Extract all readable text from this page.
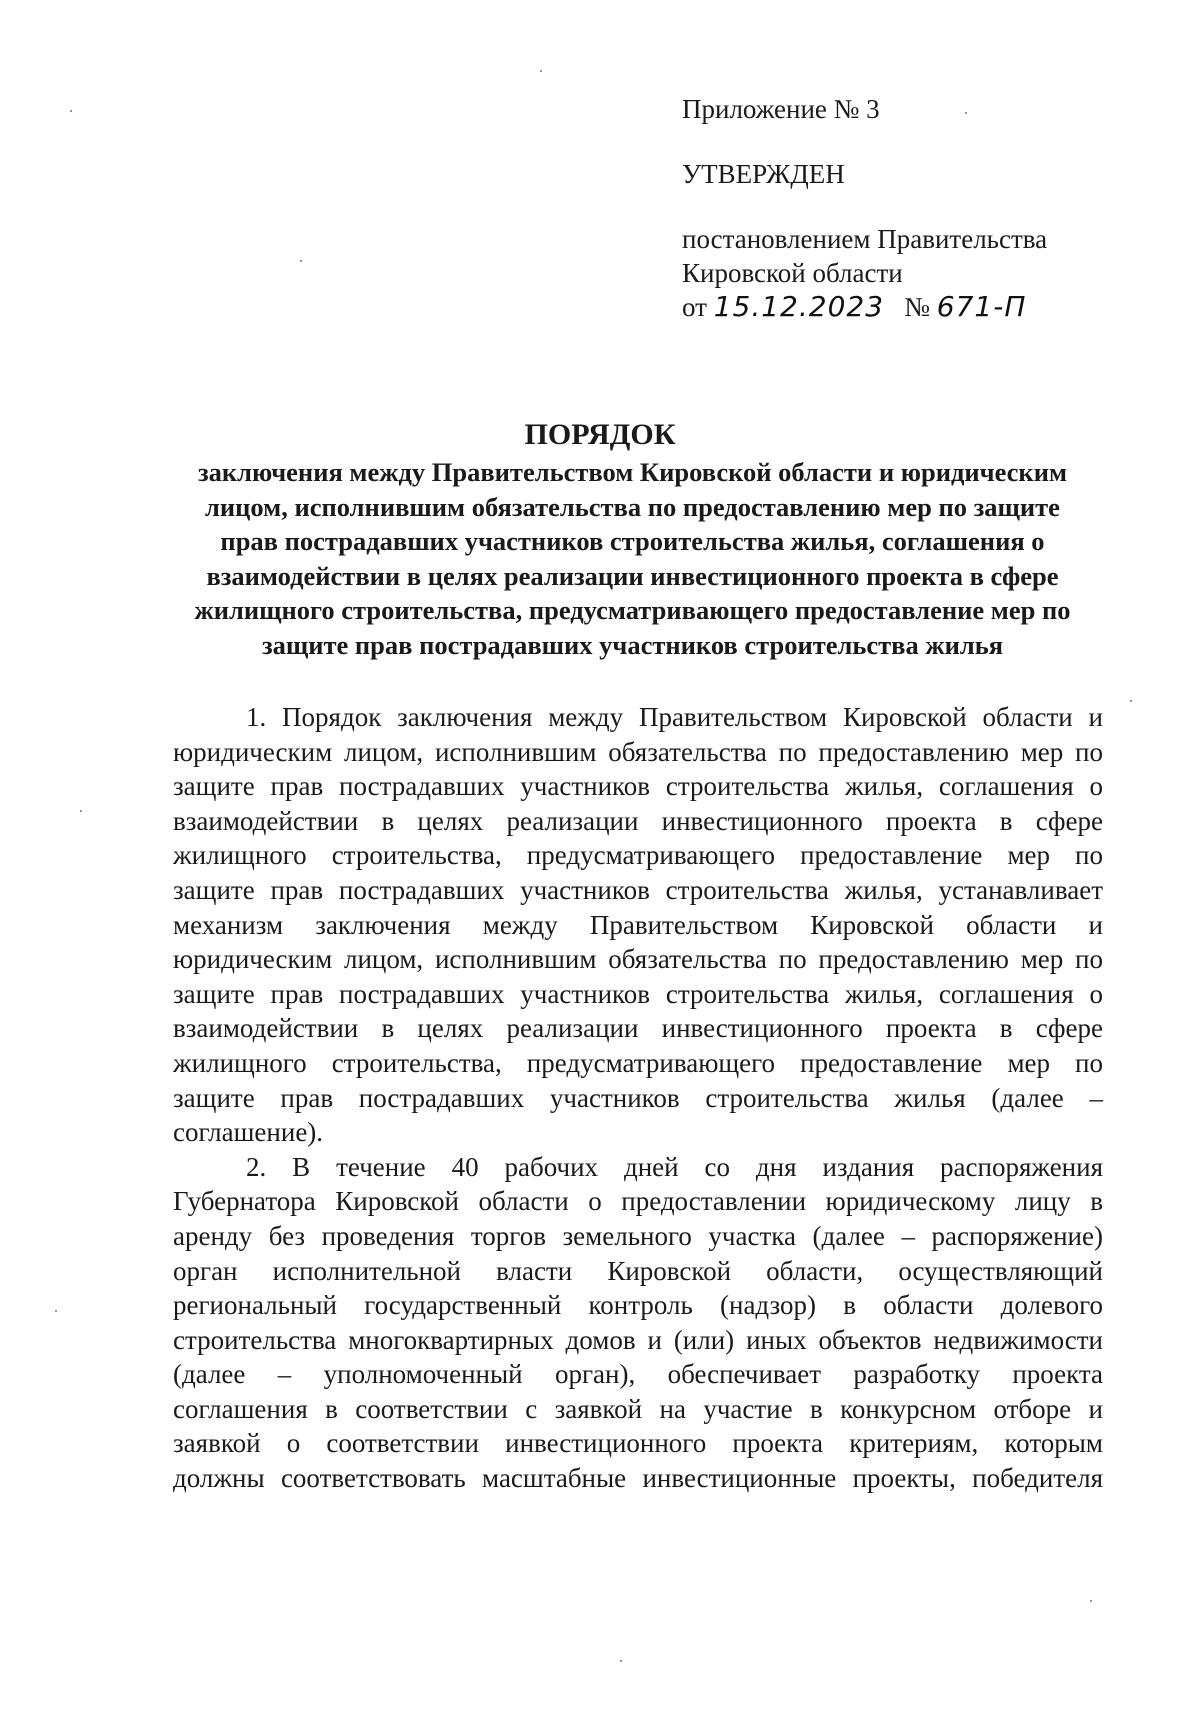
Приложение № 3
УТВЕРЖДЕН
постановлением Правительства
Кировской области
от 15.12.2023 № 671-П
ПОРЯДОК
заключения между Правительством Кировской области и юридическим
лицом, исполнившим обязательства по предоставлению мер по защите
прав пострадавших участников строительства жилья, соглашения о
взаимодействии в целях реализации инвестиционного проекта в сфере
жилищного строительства, предусматривающего предоставление мер по
защите прав пострадавших участников строительства жилья
1. Порядок заключения между Правительством Кировской области и
юридическим лицом, исполнившим обязательства по предоставлению мер по
защите прав пострадавших участников строительства жилья, соглашения о
взаимодействии в целях реализации инвестиционного проекта в сфере
жилищного строительства, предусматривающего предоставление мер по
защите прав пострадавших участников строительства жилья, устанавливает
механизм заключения между Правительством Кировской области и
юридическим лицом, исполнившим обязательства по предоставлению мер по
защите прав пострадавших участников строительства жилья, соглашения о
взаимодействии в целях реализации инвестиционного проекта в сфере
жилищного строительства, предусматривающего предоставление мер по
защите прав пострадавших участников строительства жилья (далее –
соглашение).
2. В течение 40 рабочих дней со дня издания распоряжения
Губернатора Кировской области о предоставлении юридическому лицу в
аренду без проведения торгов земельного участка (далее – распоряжение)
орган исполнительной власти Кировской области, осуществляющий
региональный государственный контроль (надзор) в области долевого
строительства многоквартирных домов и (или) иных объектов недвижимости
(далее – уполномоченный орган), обеспечивает разработку проекта
соглашения в соответствии с заявкой на участие в конкурсном отборе и
заявкой о соответствии инвестиционного проекта критериям, которым
должны соответствовать масштабные инвестиционные проекты, победителя
